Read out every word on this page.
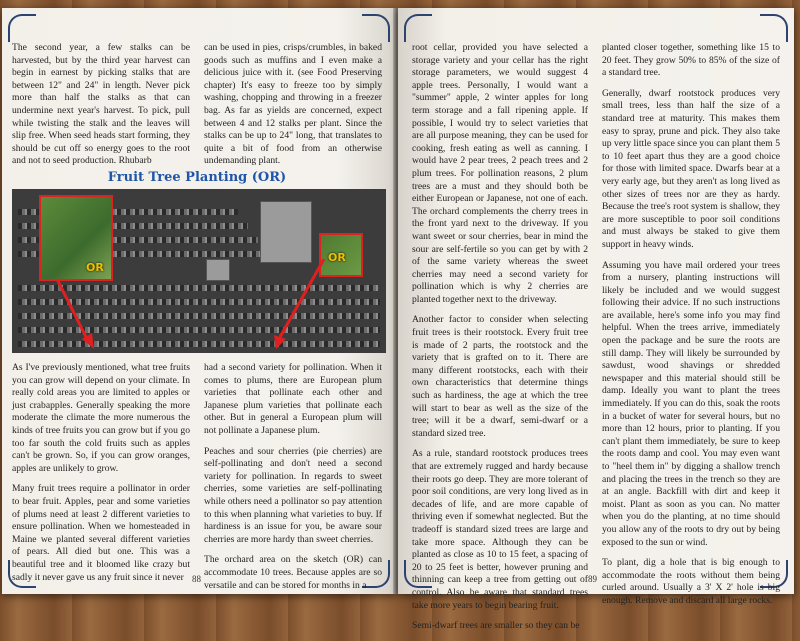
The second year, a few stalks can be harvested, but by the third year harvest can begin in earnest by picking stalks that are between 12" and 24" in length. Never pick more than half the stalks as that can undermine next year's harvest. To pick, pull while twisting the stalk and the leaves will slip free. When seed heads start forming, they should be cut off so energy goes to the root and not to seed production. Rhubarb

can be used in pies, crisps/crumbles, in baked goods such as muffins and I even make a delicious juice with it. (see Food Preserving chapter) It's easy to freeze too by simply washing, chopping and throwing in a freezer bag. As far as yields are concerned, expect between 4 and 12 stalks per plant. Since the stalks can be up to 24" long, that translates to quite a bit of food from an otherwise undemanding plant.

Fruit Tree Planting (OR)
OR
OR

As I've previously mentioned, what tree fruits you can grow will depend on your climate. In really cold areas you are limited to apples or just crabapples. Generally speaking the more moderate the climate the more numerous the kinds of tree fruits you can grow but if you go too far south the cold fruits such as apples can't be grown. So, if you can grow oranges, apples are unlikely to grow.

Many fruit trees require a pollinator in order to bear fruit. Apples, pear and some varieties of plums need at least 2 different varieties to ensure pollination. When we homesteaded in Maine we planted several different varieties of pears. All died but one. This was a beautiful tree and it bloomed like crazy but sadly it never gave us any fruit since it never

had a second variety for pollination. When it comes to plums, there are European plum varieties that pollinate each other and Japanese plum varieties that pollinate each other. But in general a European plum will not pollinate a Japanese plum.

Peaches and sour cherries (pie cherries) are self-pollinating and don't need a second variety for pollination. In regards to sweet cherries, some varieties are self-pollinating while others need a pollinator so pay attention to this when planning what varieties to buy. If hardiness is an issue for you, be aware sour cherries are more hardy than sweet cherries.

The orchard area on the sketch (OR) can accommodate 10 trees. Because apples are so versatile and can be stored for months in a

88

root cellar, provided you have selected a storage variety and your cellar has the right storage parameters, we would suggest 4 apple trees. Personally, I would want a "summer" apple, 2 winter apples for long term storage and a fall ripening apple. If possible, I would try to select varieties that are all purpose meaning, they can be used for cooking, fresh eating as well as canning. I would have 2 pear trees, 2 peach trees and 2 plum trees. For pollination reasons, 2 plum trees are a must and they should both be either European or Japanese, not one of each. The orchard complements the cherry trees in the front yard next to the driveway. If you want sweet or sour cherries, bear in mind the sour are self-fertile so you can get by with 2 of the same variety whereas the sweet cherries may need a second variety for pollination which is why 2 cherries are planted together next to the driveway.

Another factor to consider when selecting fruit trees is their rootstock. Every fruit tree is made of 2 parts, the rootstock and the variety that is grafted on to it. There are many different rootstocks, each with their own characteristics that determine things such as hardiness, the age at which the tree will start to bear as well as the size of the tree; will it be a dwarf, semi-dwarf or a standard sized tree.

As a rule, standard rootstock produces trees that are extremely rugged and hardy because their roots go deep. They are more tolerant of poor soil conditions, are very long lived as in decades of life, and are more capable of thriving even if somewhat neglected. But the tradeoff is standard sized trees are large and take more space. Although they can be planted as close as 10 to 15 feet, a spacing of 20 to 25 feet is better, however pruning and thinning can keep a tree from getting out of control. Also be aware that standard trees take more years to begin bearing fruit.

Semi-dwarf trees are smaller so they can be

planted closer together, something like 15 to 20 feet. They grow 50% to 85% of the size of a standard tree.

Generally, dwarf rootstock produces very small trees, less than half the size of a standard tree at maturity. This makes them easy to spray, prune and pick. They also take up very little space since you can plant them 5 to 10 feet apart thus they are a good choice for those with limited space. Dwarfs bear at a very early age, but they aren't as long lived as other sizes of trees nor are they as hardy. Because the tree's root system is shallow, they are more susceptible to poor soil conditions and must always be staked to give them support in heavy winds.

Assuming you have mail ordered your trees from a nursery, planting instructions will likely be included and we would suggest following their advice. If no such instructions are available, here's some info you may find helpful. When the trees arrive, immediately open the package and be sure the roots are still damp. They will likely be surrounded by sawdust, wood shavings or shredded newspaper and this material should still be damp. Ideally you want to plant the trees immediately. If you can do this, soak the roots in a bucket of water for several hours, but no more than 12 hours, prior to planting. If you can't plant them immediately, be sure to keep the roots damp and cool. You may even want to "heel them in" by digging a shallow trench and placing the trees in the trench so they are at an angle. Backfill with dirt and keep it moist. Plant as soon as you can. No matter when you do the planting, at no time should you allow any of the roots to dry out by being exposed to the sun or wind.

To plant, dig a hole that is big enough to accommodate the roots without them being curled around. Usually a 3' X 2' hole is big enough. Remove and discard all large rocks.

89
